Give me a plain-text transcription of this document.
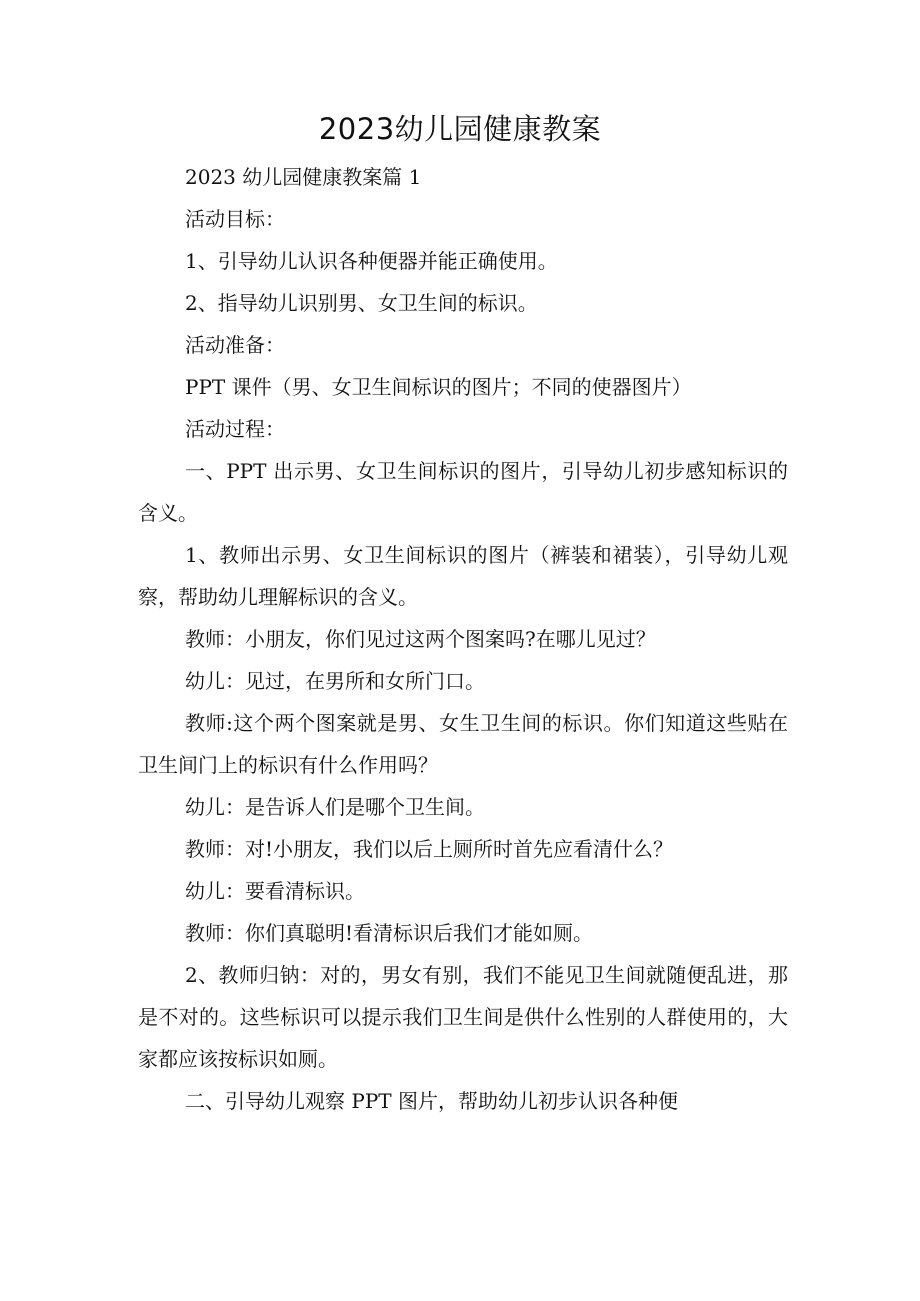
2023幼儿园健康教案

2023 幼儿园健康教案篇 1

活动目标：

1、引导幼儿认识各种便器并能正确使用。

2、指导幼儿识别男、女卫生间的标识。

活动准备：

PPT 课件（男、女卫生间标识的图片；不同的使器图片）

活动过程：

一、PPT 出示男、女卫生间标识的图片，引导幼儿初步感知标识的含义。

1、教师出示男、女卫生间标识的图片（裤装和裙装），引导幼儿观察，帮助幼儿理解标识的含义。

教师：小朋友，你们见过这两个图案吗?在哪儿见过？

幼儿：见过，在男所和女所门口。

教师:这个两个图案就是男、女生卫生间的标识。你们知道这些贴在卫生间门上的标识有什么作用吗？

幼儿：是告诉人们是哪个卫生间。

教师：对!小朋友，我们以后上厕所时首先应看清什么？

幼儿：要看清标识。

教师：你们真聪明!看清标识后我们才能如厕。

2、教师归钠：对的，男女有别，我们不能见卫生间就随便乱进，那是不对的。这些标识可以提示我们卫生间是供什么性别的人群使用的，大家都应该按标识如厕。

二、引导幼儿观察 PPT 图片，帮助幼儿初步认识各种便
